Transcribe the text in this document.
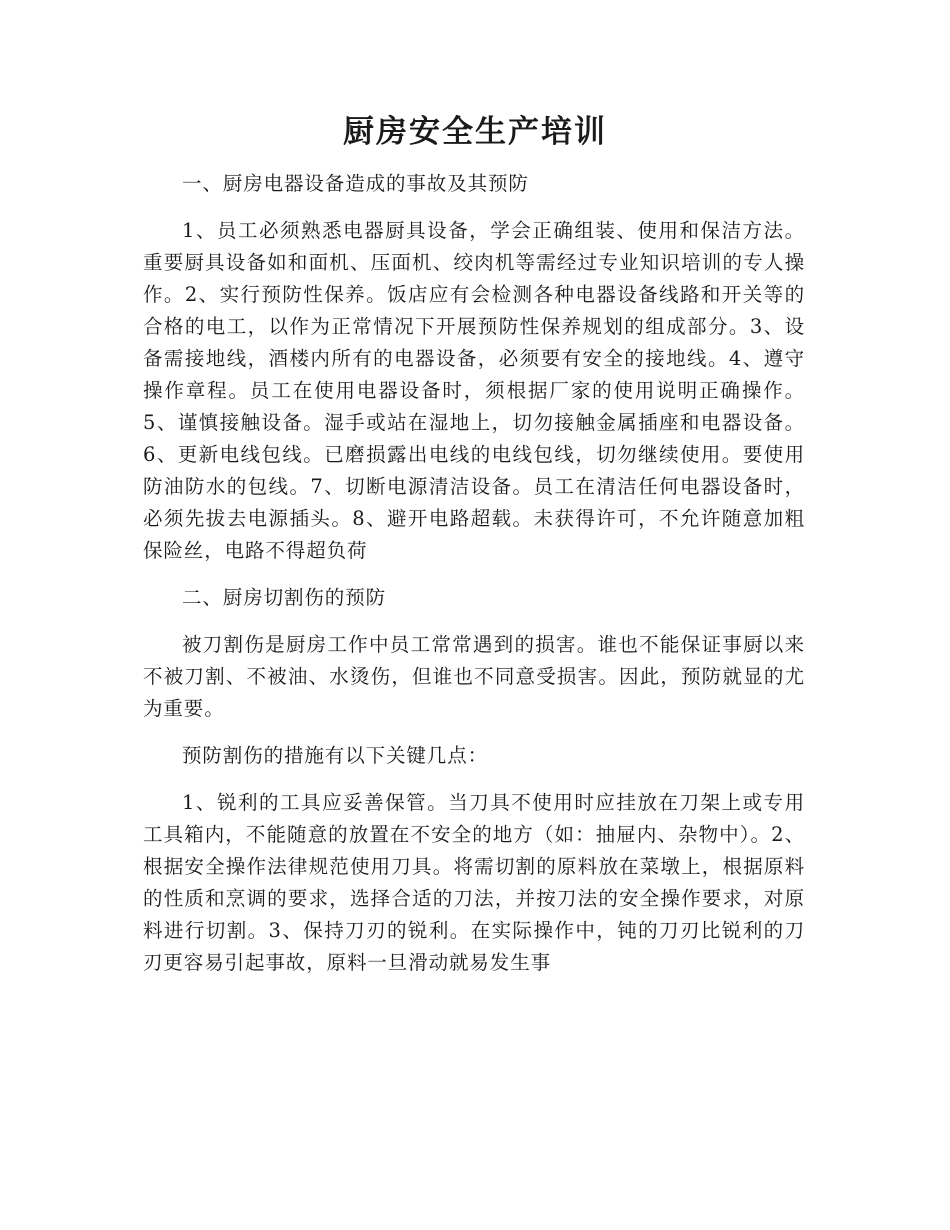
厨房安全生产培训

一、厨房电器设备造成的事故及其预防

1、员工必须熟悉电器厨具设备，学会正确组装、使用和保洁方法。重要厨具设备如和面机、压面机、绞肉机等需经过专业知识培训的专人操作。2、实行预防性保养。饭店应有会检测各种电器设备线路和开关等的合格的电工，以作为正常情况下开展预防性保养规划的组成部分。3、设备需接地线，酒楼内所有的电器设备，必须要有安全的接地线。4、遵守操作章程。员工在使用电器设备时，须根据厂家的使用说明正确操作。5、谨慎接触设备。湿手或站在湿地上，切勿接触金属插座和电器设备。6、更新电线包线。已磨损露出电线的电线包线，切勿继续使用。要使用防油防水的包线。7、切断电源清洁设备。员工在清洁任何电器设备时，必须先拔去电源插头。8、避开电路超载。未获得许可，不允许随意加粗保险丝，电路不得超负荷

二、厨房切割伤的预防

被刀割伤是厨房工作中员工常常遇到的损害。谁也不能保证事厨以来不被刀割、不被油、水烫伤，但谁也不同意受损害。因此，预防就显的尤为重要。

预防割伤的措施有以下关键几点：

1、锐利的工具应妥善保管。当刀具不使用时应挂放在刀架上或专用工具箱内，不能随意的放置在不安全的地方（如：抽屉内、杂物中）。2、根据安全操作法律规范使用刀具。将需切割的原料放在菜墩上，根据原料的性质和烹调的要求，选择合适的刀法，并按刀法的安全操作要求，对原料进行切割。3、保持刀刃的锐利。在实际操作中，钝的刀刃比锐利的刀刃更容易引起事故，原料一旦滑动就易发生事
